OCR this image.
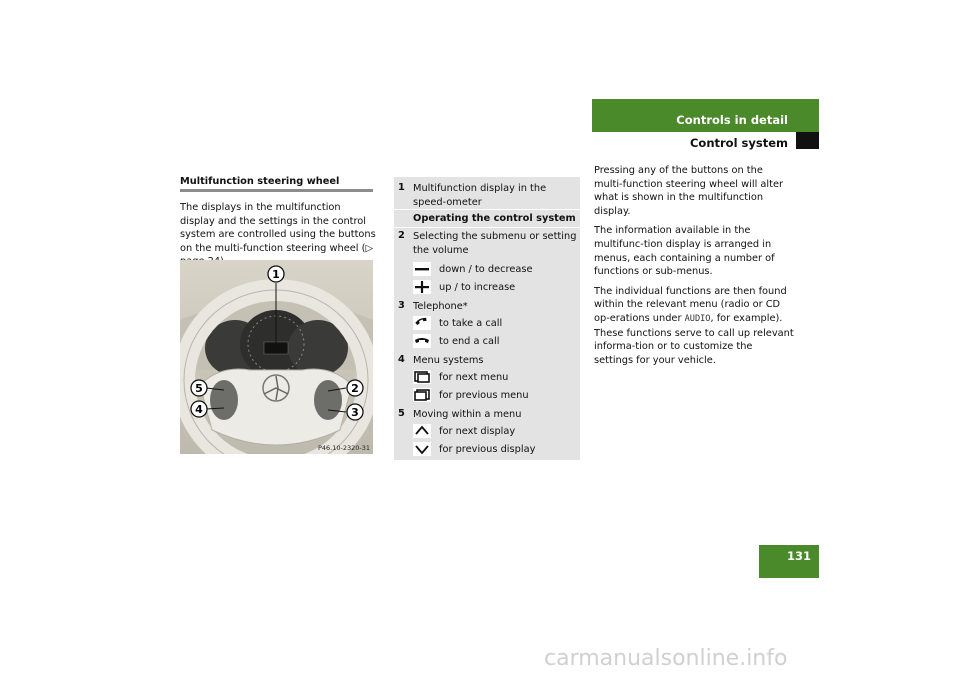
Controls in detail
Control system
Multifunction steering wheel

The displays in the multifunction display and the settings in the control system are controlled using the buttons on the multi-function steering wheel (▷

1
2
3
4
5
P46.10-2320-31
1 Multifunction display in the speed-ometer
Operating the control system
2 Selecting the submenu or setting the volume
down / to decrease
up / to increase
3 Telephone*
to take a call
to end a call
4 Menu systems
for next menu
for previous menu
5 Moving within a menu
for next display
for previous display

Pressing any of the buttons on the multi-function steering wheel will alter what is shown in the multifunction display.

The information available in the multifunc-tion display is arranged in menus, each containing a number of functions or sub-menus.

The individual functions are then found within the relevant menu (radio or CD op-erations under AUDIO, for example). These functions serve to call up relevant informa-tion or to customize the settings for your vehicle.

131
carmanualsonline.info
